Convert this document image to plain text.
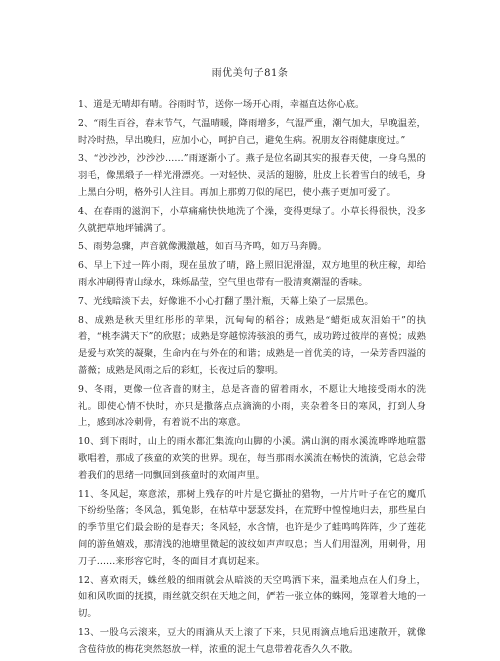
雨优美句子81条

1、道是无晴却有晴。谷雨时节，送你一场开心雨，幸福直达你心底。

2、“雨生百谷，春末节气，气温晴暖，降雨增多，气湿严重，潮气加大，早晚温差，时冷时热，早出晚归，应加小心，呵护自己，避免生病。祝朋友谷雨健康度过。”

3、“沙沙沙，沙沙沙……”雨逐渐小了。燕子是位名副其实的报春天使，一身乌黑的羽毛，像黑缎子一样光滑漂亮。一对轻快、灵活的翅膀，肚皮上长着雪白的绒毛，身上黑白分明，格外引人注目。再加上那剪刀似的尾巴，使小燕子更加可爱了。

4、在春雨的滋润下，小草痛痛快快地洗了个澡，变得更绿了。小草长得很快，没多久就把草地坪铺满了。

5、雨势急骤，声音就像溅激越，如百马齐鸣，如万马奔腾。

6、早上下过一阵小雨，现在虽放了晴，路上照旧泥滑湿，双方地里的秋庄稼，却给雨水冲刷得青山绿水，珠烁晶莹，空气里也带有一股清爽潮湿的香味。

7、光线暗淡下去，好像谁不小心打翻了墨汁瓶，天幕上染了一层黑色。

8、成熟是秋天里红彤彤的苹果，沉甸甸的稻谷；成熟是“蜡炬成灰泪始干”的执着，“桃李满天下”的欣慰；成熟是穿越惊涛骇浪的勇气，成功跨过彼岸的喜悦；成熟是爱与欢笑的凝聚，生命内在与外在的和谐；成熟是一首优美的诗，一朵芳香四溢的蔷薇；成熟是风雨之后的彩虹，长夜过后的黎明。

9、冬雨，更像一位吝啬的财主，总是吝啬的留着雨水，不愿让大地接受雨水的洗礼。即使心情不快时，亦只是撒落点点滴滴的小雨，夹杂着冬日的寒风，打到人身上，感到冰冷刺骨，有着说不出的寒意。

10、到下雨时，山上的雨水都汇集流向山脚的小溪。满山涧的雨水溪流哗哗地喧嚣歌唱着，那成了孩童的欢笑的世界。现在，每当那雨水溪流在畅快的流淌，它总会带着我们的思绪一同飘回到孩童时的欢闹声里。

11、冬风起，寒意浓，那树上残存的叶片是它撕扯的猎物，一片片叶子在它的魔爪下纷纷坠落；冬风急，狐兔影，在枯草中瑟瑟发抖，在荒野中惶惶地归去，那些星白的季节里它们最会盼的是春天；冬风轻，水含情，也许是少了蛙鸣鸣阵阵，少了莲花间的游鱼嬉戏，那清浅的池塘里微起的波纹如声声叹息；当人们用湿冽，用刺骨，用刀子……来形容它时，冬的面目才真切起来。

12、喜欢雨天，蛛丝般的细雨就会从暗淡的天空鸣洒下来，温柔地点在人们身上，如和风吹面的抚摸，雨丝就交织在天地之间，俨若一张立体的蛛网，笼罩着大地的一切。

13、一股乌云滚来，豆大的雨滴从天上滚了下来，只见雨滴点地后迅速散开，就像含苞待放的梅花突然怒放一样，浓重的泥土气息带着花香久久不散。
